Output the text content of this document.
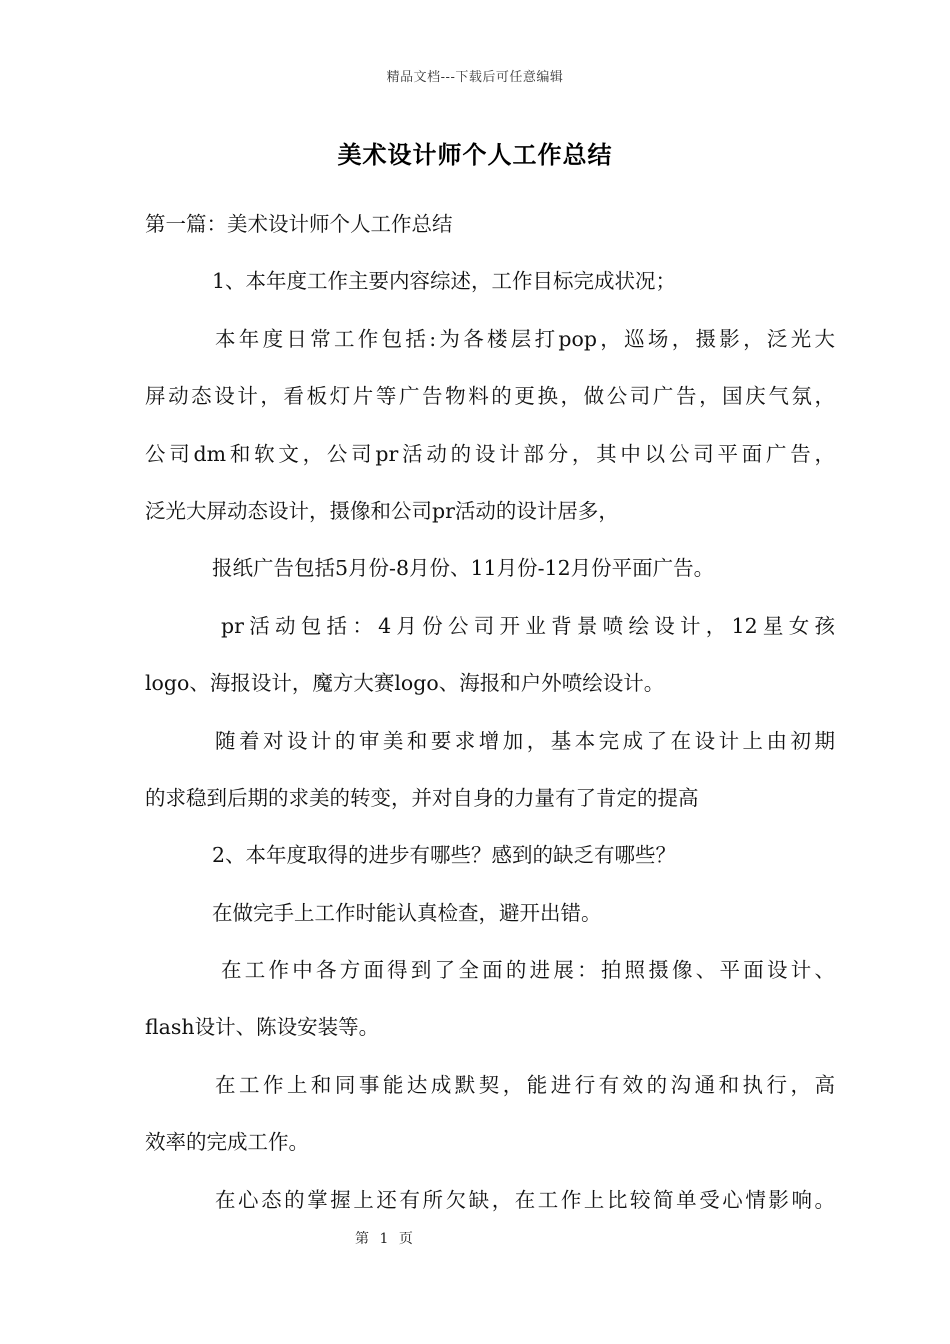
精品文档---下载后可任意编辑
美术设计师个人工作总结
第一篇：美术设计师个人工作总结
1、本年度工作主要内容综述，工作目标完成状况；
本年度日常工作包括:为各楼层打pop，巡场，摄影，泛光大
屏动态设计，看板灯片等广告物料的更换，做公司广告，国庆气氛，
公司dm和软文，公司pr活动的设计部分，其中以公司平面广告，
泛光大屏动态设计，摄像和公司pr活动的设计居多，
报纸广告包括5月份-8月份、11月份-12月份平面广告。
pr活动包括：4月份公司开业背景喷绘设计，12星女孩
logo、海报设计，魔方大赛logo、海报和户外喷绘设计。
随着对设计的审美和要求增加，基本完成了在设计上由初期
的求稳到后期的求美的转变，并对自身的力量有了肯定的提高
2、本年度取得的进步有哪些？感到的缺乏有哪些？
在做完手上工作时能认真检查，避开出错。
在工作中各方面得到了全面的进展：拍照摄像、平面设计、
flash设计、陈设安装等。
在工作上和同事能达成默契，能进行有效的沟通和执行，高
效率的完成工作。
在心态的掌握上还有所欠缺，在工作上比较简单受心情影响。
第 1 页
